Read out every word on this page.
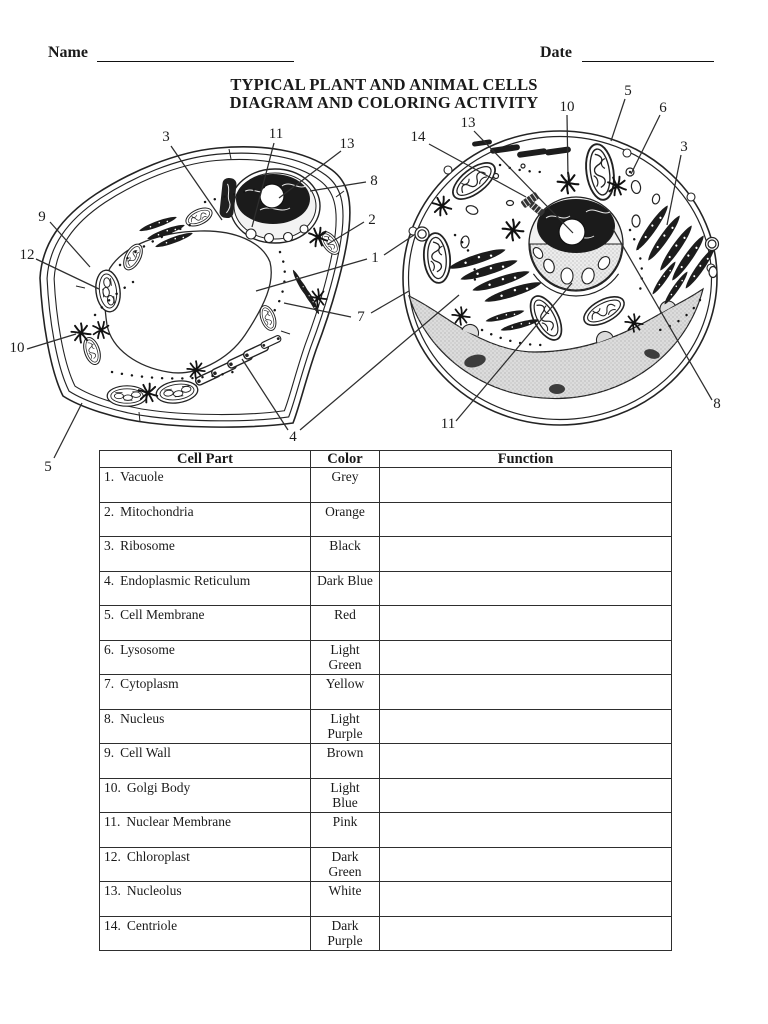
Name	Date
TYPICAL PLANT AND ANIMAL CELLS
DIAGRAM AND COLORING ACTIVITY
3	11
13
8
9
12
10
5
4
2
1
7
14
13
10
5
6
3
8
11
Cell Part	Color	Function
1. Vacuole	Grey	
2. Mitochondria	Orange	
3. Ribosome	Black	
4. Endoplasmic Reticulum	Dark Blue	
5. Cell Membrane	Red	
6. Lysosome	Light Green	
7. Cytoplasm	Yellow	
8. Nucleus	Light Purple	
9. Cell Wall	Brown	
10. Golgi Body	Light Blue	
11. Nuclear Membrane	Pink	
12. Chloroplast	Dark Green	
13. Nucleolus	White	
14. Centriole	Dark Purple	
